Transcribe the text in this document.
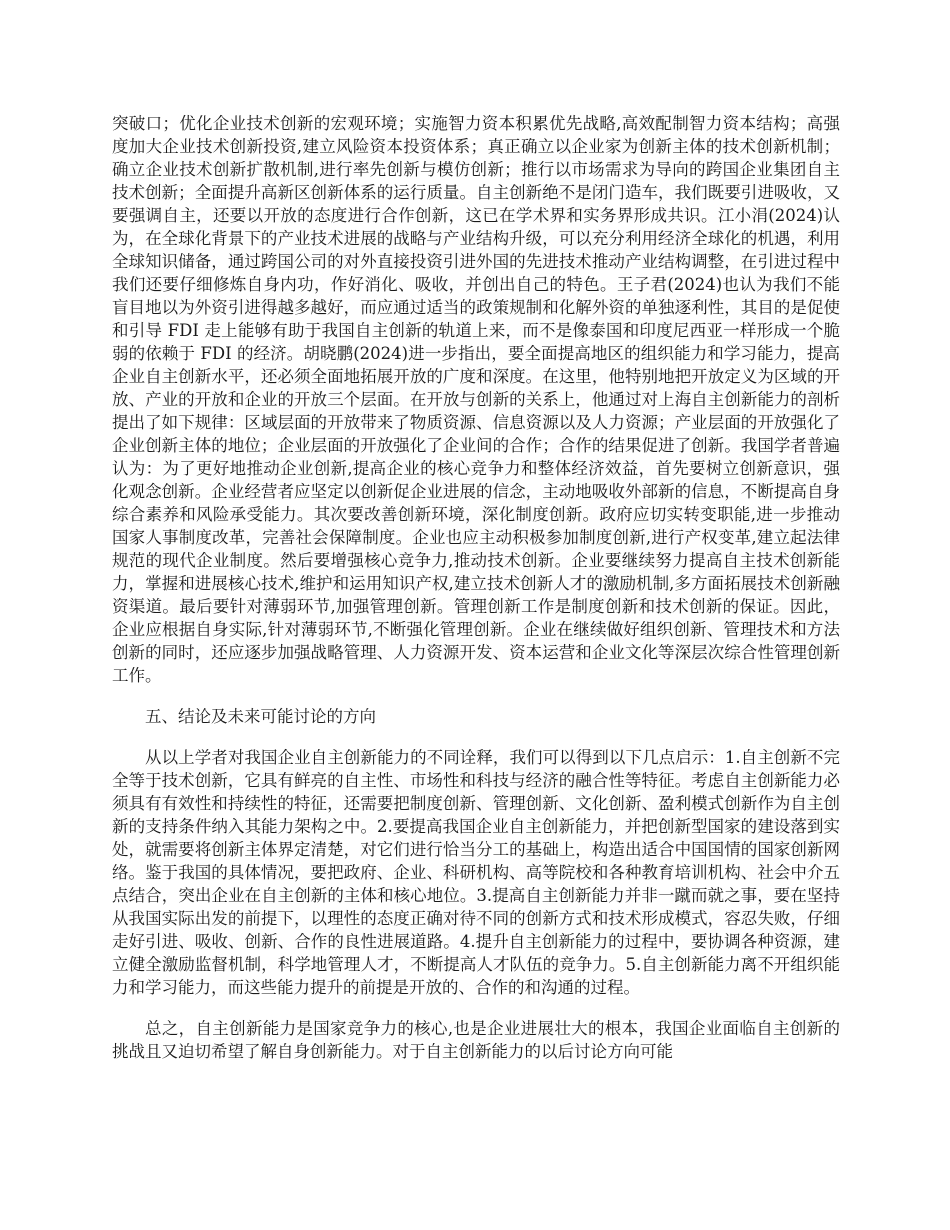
突破口；优化企业技术创新的宏观环境；实施智力资本积累优先战略,高效配制智力资本结构；高强度加大企业技术创新投资,建立风险资本投资体系；真正确立以企业家为创新主体的技术创新机制；确立企业技术创新扩散机制,进行率先创新与模仿创新；推行以市场需求为导向的跨国企业集团自主技术创新；全面提升高新区创新体系的运行质量。自主创新绝不是闭门造车，我们既要引进吸收，又要强调自主，还要以开放的态度进行合作创新，这已在学术界和实务界形成共识。江小涓(2024)认为，在全球化背景下的产业技术进展的战略与产业结构升级，可以充分利用经济全球化的机遇，利用全球知识储备，通过跨国公司的对外直接投资引进外国的先进技术推动产业结构调整，在引进过程中我们还要仔细修炼自身内功，作好消化、吸收，并创出自己的特色。王子君(2024)也认为我们不能盲目地以为外资引进得越多越好，而应通过适当的政策规制和化解外资的单独逐利性，其目的是促使和引导 FDI 走上能够有助于我国自主创新的轨道上来，而不是像泰国和印度尼西亚一样形成一个脆弱的依赖于 FDI 的经济。胡晓鹏(2024)进一步指出，要全面提高地区的组织能力和学习能力，提高企业自主创新水平，还必须全面地拓展开放的广度和深度。在这里，他特别地把开放定义为区域的开放、产业的开放和企业的开放三个层面。在开放与创新的关系上，他通过对上海自主创新能力的剖析提出了如下规律：区域层面的开放带来了物质资源、信息资源以及人力资源；产业层面的开放强化了企业创新主体的地位；企业层面的开放强化了企业间的合作；合作的结果促进了创新。我国学者普遍认为：为了更好地推动企业创新,提高企业的核心竞争力和整体经济效益，首先要树立创新意识，强化观念创新。企业经营者应坚定以创新促企业进展的信念，主动地吸收外部新的信息，不断提高自身综合素养和风险承受能力。其次要改善创新环境，深化制度创新。政府应切实转变职能,进一步推动国家人事制度改革，完善社会保障制度。企业也应主动积极参加制度创新,进行产权变革,建立起法律规范的现代企业制度。然后要增强核心竞争力,推动技术创新。企业要继续努力提高自主技术创新能力，掌握和进展核心技术,维护和运用知识产权,建立技术创新人才的激励机制,多方面拓展技术创新融资渠道。最后要针对薄弱环节,加强管理创新。管理创新工作是制度创新和技术创新的保证。因此，企业应根据自身实际,针对薄弱环节,不断强化管理创新。企业在继续做好组织创新、管理技术和方法创新的同时，还应逐步加强战略管理、人力资源开发、资本运营和企业文化等深层次综合性管理创新工作。

五、结论及未来可能讨论的方向

从以上学者对我国企业自主创新能力的不同诠释，我们可以得到以下几点启示：1.自主创新不完全等于技术创新，它具有鲜亮的自主性、市场性和科技与经济的融合性等特征。考虑自主创新能力必须具有有效性和持续性的特征，还需要把制度创新、管理创新、文化创新、盈利模式创新作为自主创新的支持条件纳入其能力架构之中。2.要提高我国企业自主创新能力，并把创新型国家的建设落到实处，就需要将创新主体界定清楚，对它们进行恰当分工的基础上，构造出适合中国国情的国家创新网络。鉴于我国的具体情况，要把政府、企业、科研机构、高等院校和各种教育培训机构、社会中介五点结合，突出企业在自主创新的主体和核心地位。3.提高自主创新能力并非一蹴而就之事，要在坚持从我国实际出发的前提下，以理性的态度正确对待不同的创新方式和技术形成模式，容忍失败，仔细走好引进、吸收、创新、合作的良性进展道路。4.提升自主创新能力的过程中，要协调各种资源，建立健全激励监督机制，科学地管理人才，不断提高人才队伍的竞争力。5.自主创新能力离不开组织能力和学习能力，而这些能力提升的前提是开放的、合作的和沟通的过程。

总之，自主创新能力是国家竞争力的核心,也是企业进展壮大的根本，我国企业面临自主创新的挑战且又迫切希望了解自身创新能力。对于自主创新能力的以后讨论方向可能
